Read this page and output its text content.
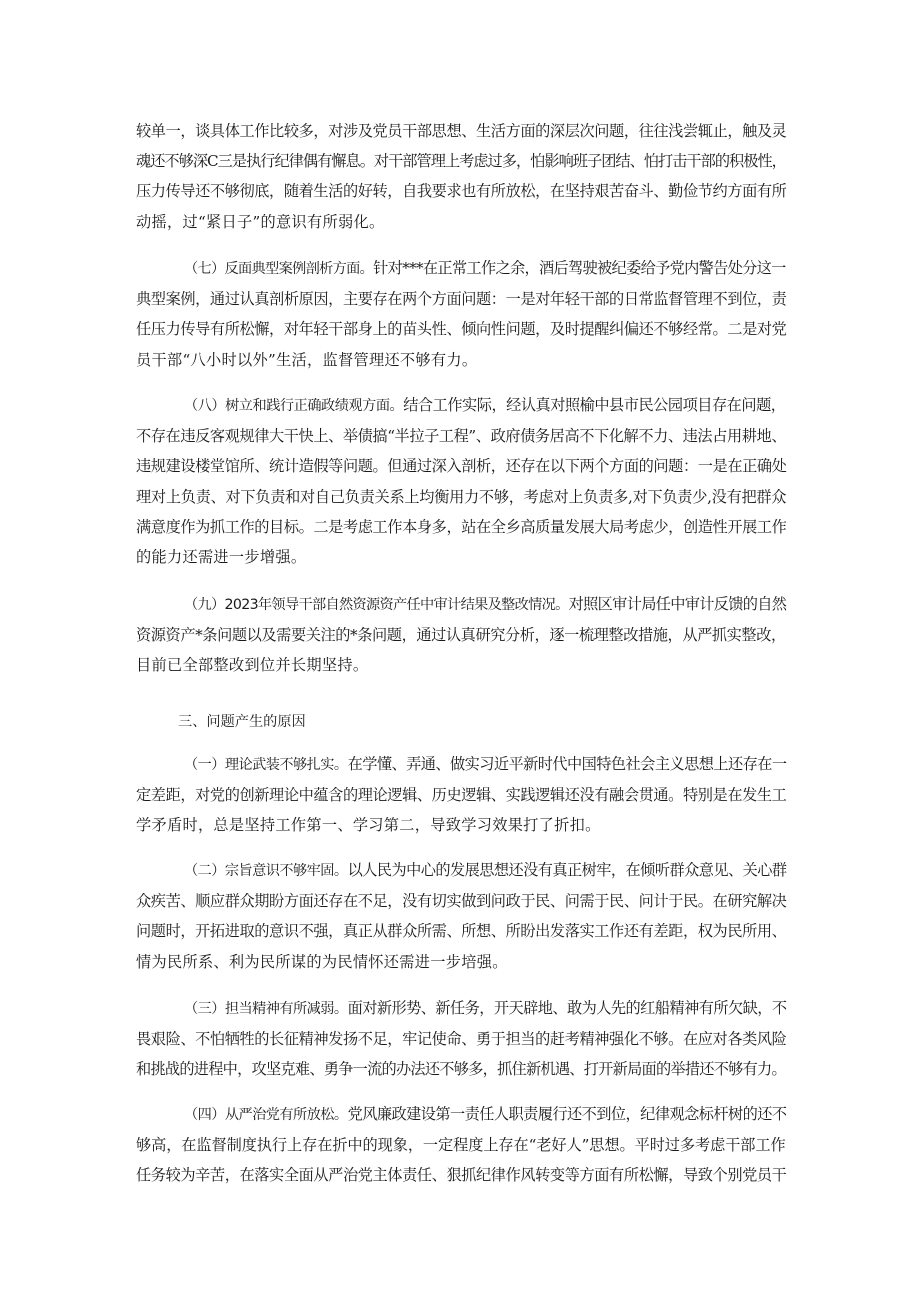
较单一，谈具体工作比较多，对涉及党员干部思想、生活方面的深层次问题，往往浅尝辄止，触及灵
魂还不够深C三是执行纪律偶有懈息。对干部管理上考虑过多，怕影响班子团结、怕打击干部的积极性，
压力传导还不够彻底，随着生活的好转，自我要求也有所放松，在坚持艰苦奋斗、勤俭节约方面有所
动摇，过“紧日子”的意识有所弱化。
（七）反面典型案例剖析方面。针对***在正常工作之余，酒后驾驶被纪委给予党内警告处分这一
典型案例，通过认真剖析原因，主要存在两个方面问题：一是对年轻干部的日常监督管理不到位，责
任压力传导有所松懈，对年轻干部身上的苗头性、倾向性问题，及时提醒纠偏还不够经常。二是对党
员干部“八小时以外”生活，监督管理还不够有力。
（八）树立和践行正确政绩观方面。结合工作实际，经认真对照榆中县市民公园项目存在问题，
不存在违反客观规律大干快上、举债搞“半拉子工程”、政府债务居高不下化解不力、违法占用耕地、
违规建设楼堂馆所、统计造假等问题。但通过深入剖析，还存在以下两个方面的问题：一是在正确处
理对上负责、对下负责和对自己负责关系上均衡用力不够，考虑对上负责多,对下负责少,没有把群众
满意度作为抓工作的目标。二是考虑工作本身多，站在全乡高质量发展大局考虑少，创造性开展工作
的能力还需进一步增强。
（九）2023年领导干部自然资源资产任中审计结果及整改情况。对照区审计局任中审计反馈的自然
资源资产*条问题以及需要关注的*条问题，通过认真研究分析，逐一梳理整改措施，从严抓实整改，
目前已全部整改到位并长期坚持。
三、问题产生的原因
（一）理论武装不够扎实。在学懂、弄通、做实习近平新时代中国特色社会主义思想上还存在一
定差距，对党的创新理论中蕴含的理论逻辑、历史逻辑、实践逻辑还没有融会贯通。特别是在发生工
学矛盾时，总是坚持工作第一、学习第二，导致学习效果打了折扣。
（二）宗旨意识不够牢固。以人民为中心的发展思想还没有真正树牢，在倾听群众意见、关心群
众疾苦、顺应群众期盼方面还存在不足，没有切实做到问政于民、问需于民、问计于民。在研究解决
问题时，开拓进取的意识不强，真正从群众所需、所想、所盼出发落实工作还有差距，权为民所用、
情为民所系、利为民所谋的为民情怀还需进一步培强。
（三）担当精神有所减弱。面对新形势、新任务，开天辟地、敢为人先的红船精神有所欠缺，不
畏艰险、不怕牺牲的长征精神发扬不足，牢记使命、勇于担当的赶考精神强化不够。在应对各类风险
和挑战的进程中，攻坚克难、勇争一流的办法还不够多，抓住新机遇、打开新局面的举措还不够有力。
（四）从严治党有所放松。党风廉政建设第一责任人职责履行还不到位，纪律观念标杆树的还不
够高，在监督制度执行上存在折中的现象，一定程度上存在“老好人”思想。平时过多考虑干部工作
任务较为辛苦，在落实全面从严治党主体责任、狠抓纪律作风转变等方面有所松懈，导致个别党员干
